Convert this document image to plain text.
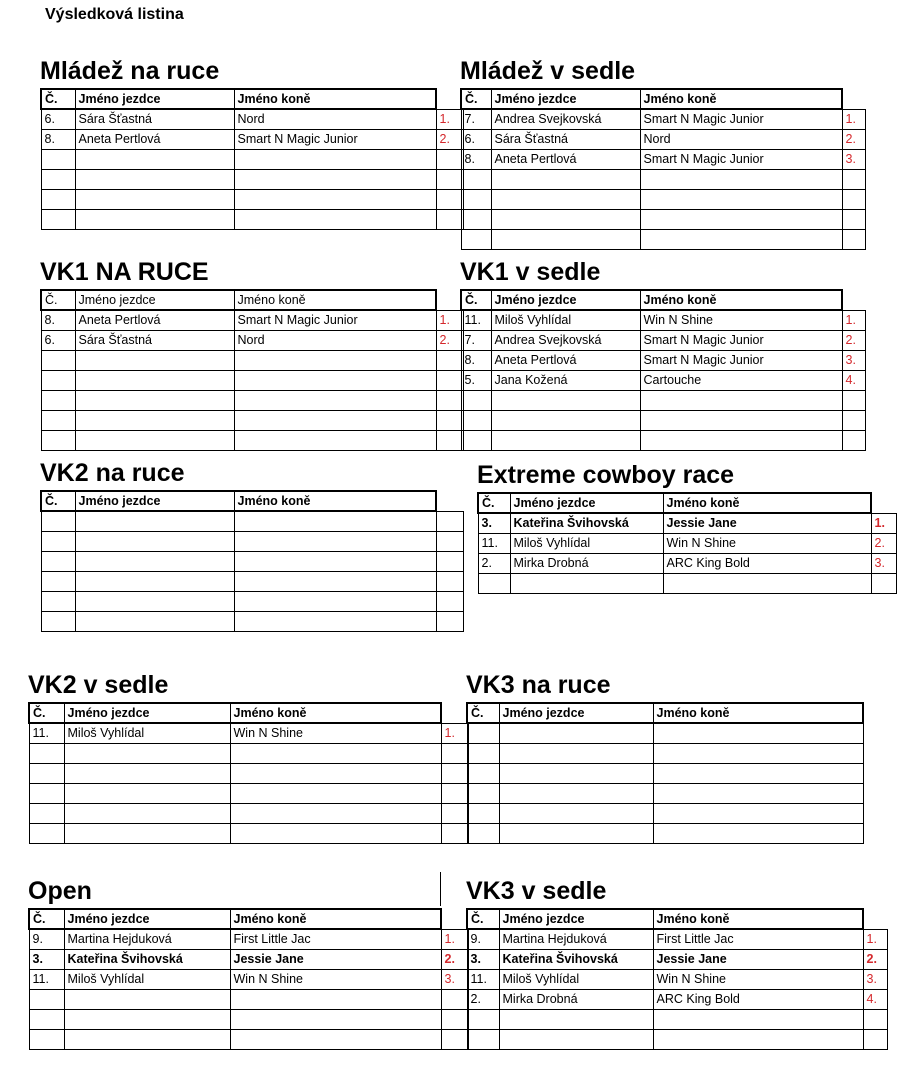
Výsledková listina
Mládež na ruce
Č.	Jméno jezdce	Jméno koně	
6.	Sára Šťastná	Nord	1.
8.	Aneta Pertlová	Smart N Magic Junior	2.

Mládež v sedle
Č.	Jméno jezdce	Jméno koně	
7.	Andrea Svejkovská	Smart N Magic Junior	1.
6.	Sára Šťastná	Nord	2.
8.	Aneta Pertlová	Smart N Magic Junior	3.

VK1 NA RUCE
Č.	Jméno jezdce	Jméno koně	
8.	Aneta Pertlová	Smart N Magic Junior	1.
6.	Sára Šťastná	Nord	2.

VK1 v sedle
Č.	Jméno jezdce	Jméno koně	
11.	Miloš Vyhlídal	Win N Shine	1.
7.	Andrea Svejkovská	Smart N Magic Junior	2.
8.	Aneta Pertlová	Smart N Magic Junior	3.
5.	Jana Kožená	Cartouche	4.

VK2 na ruce
Č.	Jméno jezdce	Jméno koně	

Extreme cowboy race
Č.	Jméno jezdce	Jméno koně	
3.	Kateřina Švihovská	Jessie Jane	1.
11.	Miloš Vyhlídal	Win N Shine	2.
2.	Mirka Drobná	ARC King Bold	3.

VK2 v sedle
Č.	Jméno jezdce	Jméno koně	
11.	Miloš Vyhlídal	Win N Shine	1.

VK3 na ruce
Č.	Jméno jezdce	Jméno koně

Open
Č.	Jméno jezdce	Jméno koně	
9.	Martina Hejduková	First Little Jac	1.
3.	Kateřina Švihovská	Jessie Jane	2.
11.	Miloš Vyhlídal	Win N Shine	3.

VK3 v sedle
Č.	Jméno jezdce	Jméno koně	
9.	Martina Hejduková	First Little Jac	1.
3.	Kateřina Švihovská	Jessie Jane	2.
11.	Miloš Vyhlídal	Win N Shine	3.
2.	Mirka Drobná	ARC King Bold	4.
